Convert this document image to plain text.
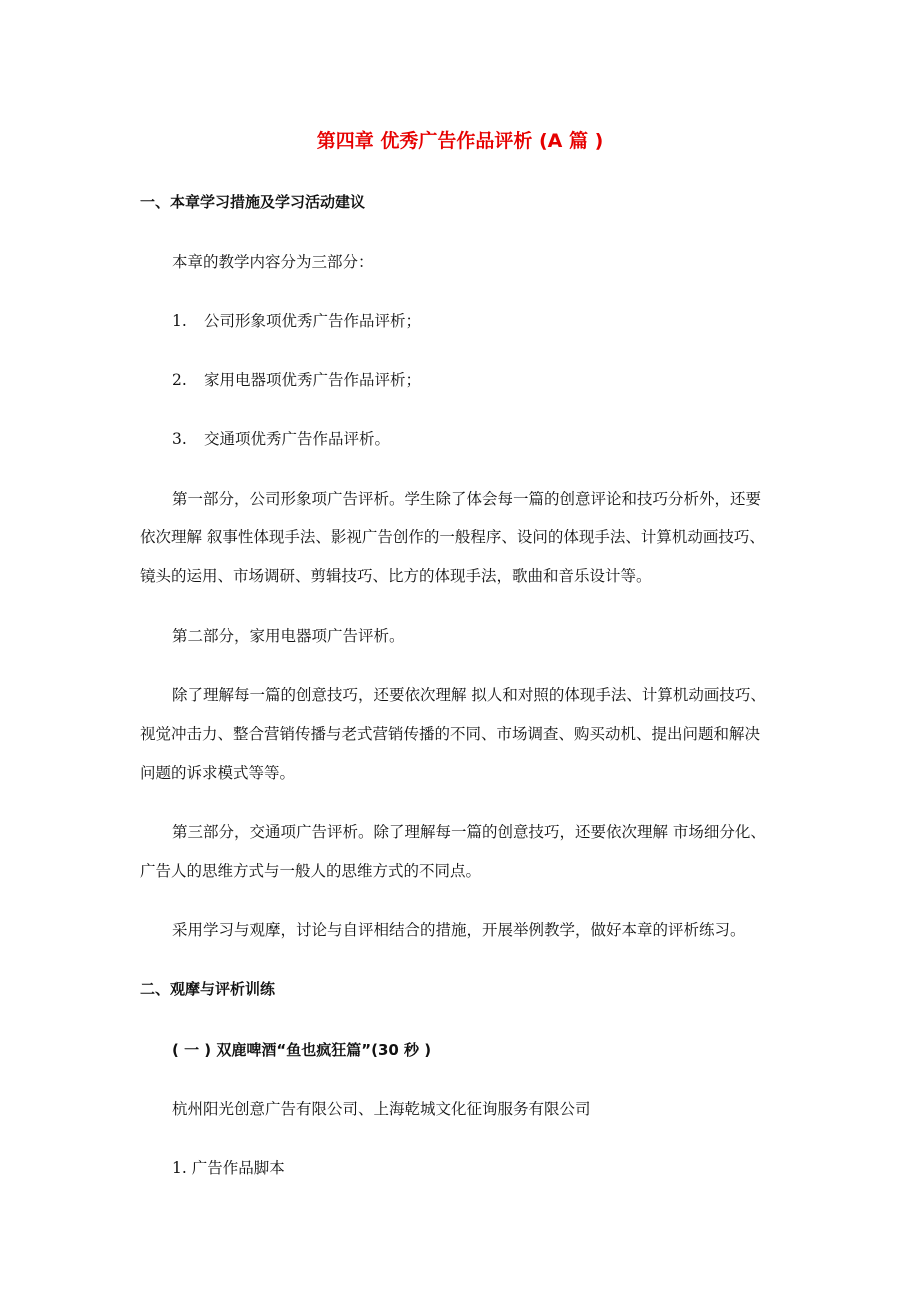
第四章 优秀广告作品评析 (A 篇 )
一、本章学习措施及学习活动建议
本章的教学内容分为三部分：
1. 公司形象项优秀广告作品评析；
2. 家用电器项优秀广告作品评析；
3. 交通项优秀广告作品评析。
第一部分，公司形象项广告评析。学生除了体会每一篇的创意评论和技巧分析外，还要
依次理解 叙事性体现手法、影视广告创作的一般程序、设问的体现手法、计算机动画技巧、
镜头的运用、市场调研、剪辑技巧、比方的体现手法，歌曲和音乐设计等。
第二部分，家用电器项广告评析。
除了理解每一篇的创意技巧，还要依次理解 拟人和对照的体现手法、计算机动画技巧、
视觉冲击力、整合营销传播与老式营销传播的不同、市场调查、购买动机、提出问题和解决
问题的诉求模式等等。
第三部分，交通项广告评析。除了理解每一篇的创意技巧，还要依次理解 市场细分化、
广告人的思维方式与一般人的思维方式的不同点。
采用学习与观摩，讨论与自评相结合的措施，开展举例教学，做好本章的评析练习。
二、观摩与评析训练
( 一 ) 双鹿啤酒“鱼也疯狂篇”(30 秒 )
杭州阳光创意广告有限公司、上海乾城文化征询服务有限公司
1. 广告作品脚本
